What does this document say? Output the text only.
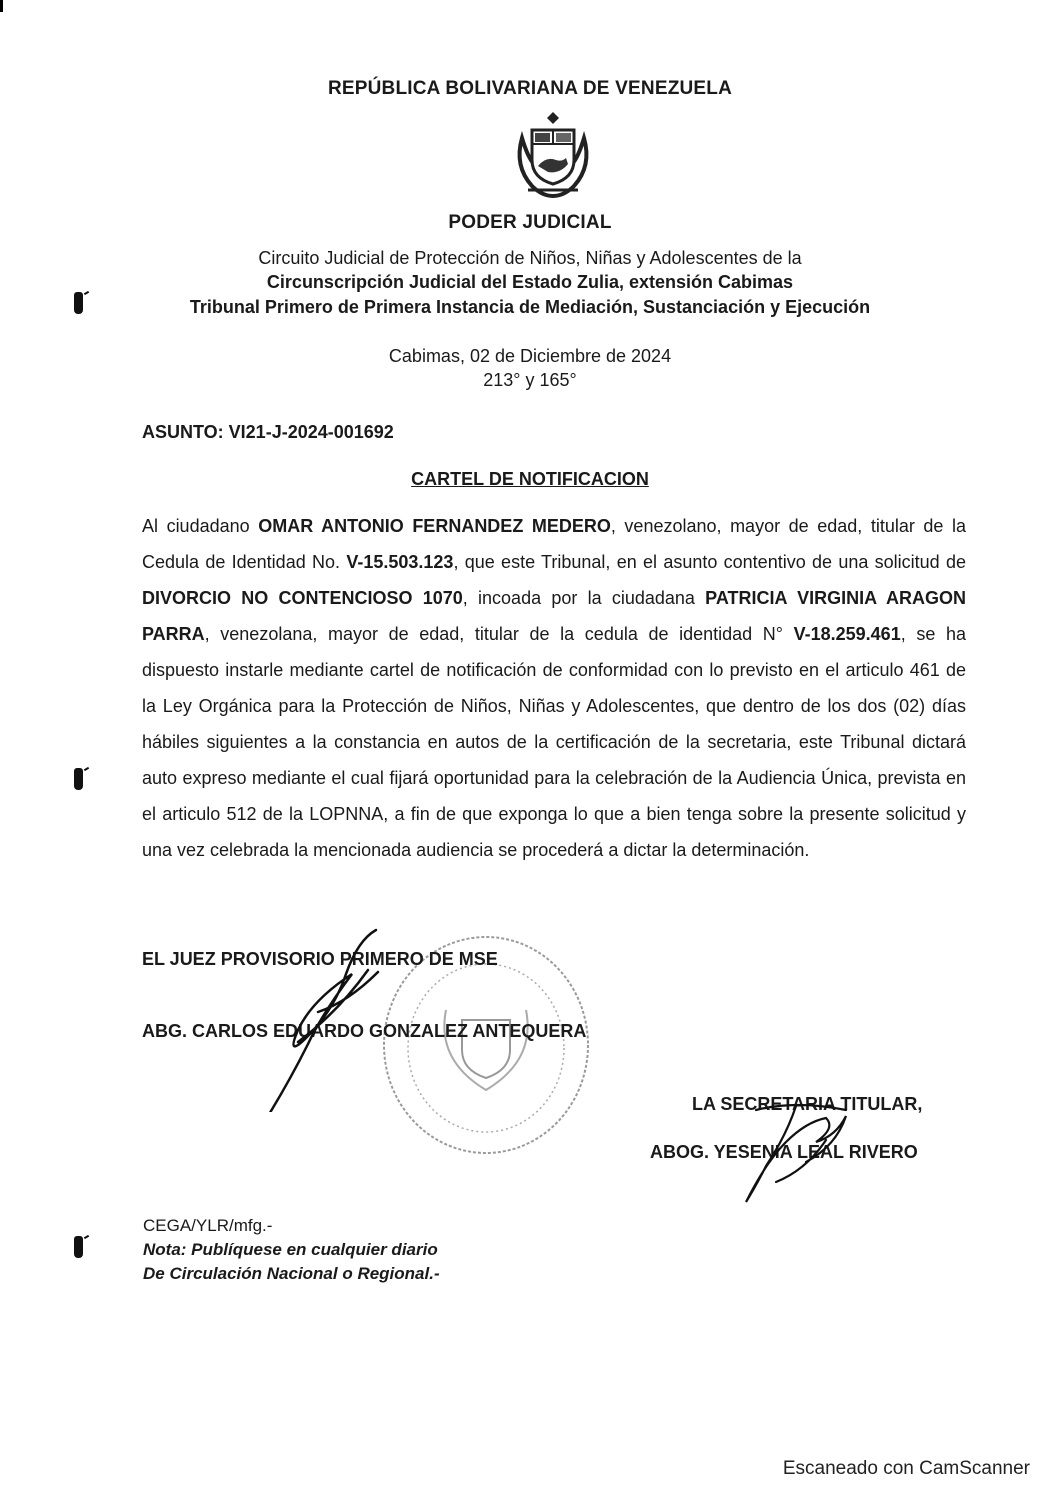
REPÚBLICA BOLIVARIANA DE VENEZUELA
PODER JUDICIAL
Circuito Judicial de Protección de Niños, Niñas y Adolescentes de la
Circunscripción Judicial del Estado Zulia, extensión Cabimas
Tribunal Primero de Primera Instancia de Mediación, Sustanciación y Ejecución
Cabimas, 02 de Diciembre de 2024
213° y 165°
ASUNTO: VI21-J-2024-001692
CARTEL DE NOTIFICACION
Al ciudadano OMAR ANTONIO FERNANDEZ MEDERO, venezolano, mayor de edad, titular de la Cedula de Identidad No. V-15.503.123, que este Tribunal, en el asunto contentivo de una solicitud de DIVORCIO NO CONTENCIOSO 1070, incoada por la ciudadana PATRICIA VIRGINIA ARAGON PARRA, venezolana, mayor de edad, titular de la cedula de identidad N° V-18.259.461, se ha dispuesto instarle mediante cartel de notificación de conformidad con lo previsto en el articulo 461 de la Ley Orgánica para la Protección de Niños, Niñas y Adolescentes, que dentro de los dos (02) días hábiles siguientes a la constancia en autos de la certificación de la secretaria, este Tribunal dictará auto expreso mediante el cual fijará oportunidad para la celebración de la Audiencia Única, prevista en el articulo 512 de la LOPNNA, a fin de que exponga lo que a bien tenga sobre la presente solicitud y una vez celebrada la mencionada audiencia se procederá a dictar la determinación.
EL JUEZ PROVISORIO PRIMERO DE MSE
ABG. CARLOS EDUARDO GONZALEZ ANTEQUERA
LA SECRETARIA TITULAR,
ABOG. YESENIA LEAL RIVERO
CEGA/YLR/mfg.-
Nota: Publíquese en cualquier diario
De Circulación Nacional o Regional.-
Escaneado con CamScanner
